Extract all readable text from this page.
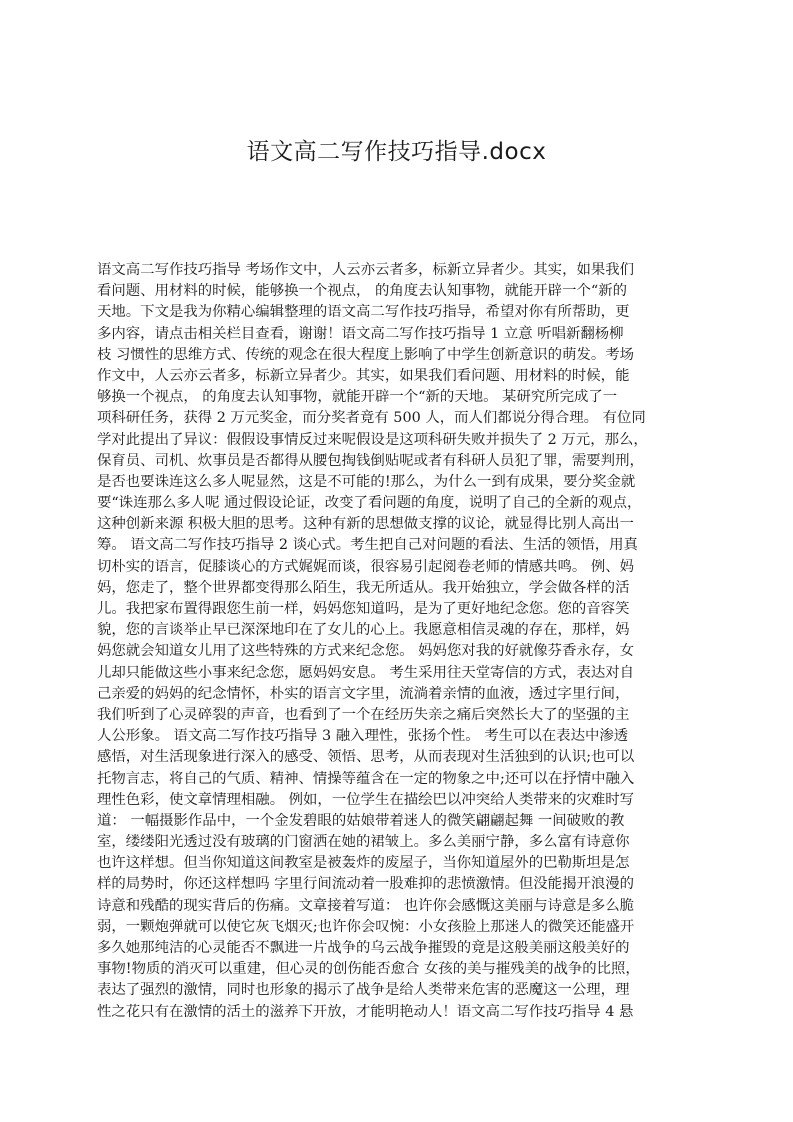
语文高二写作技巧指导.docx
语文高二写作技巧指导 考场作文中，人云亦云者多，标新立异者少。其实，如果我们
看问题、用材料的时候，能够换一个视点， 的角度去认知事物，就能开辟一个“新的
天地。下文是我为你精心编辑整理的语文高二写作技巧指导，希望对你有所帮助，更
多内容，请点击相关栏目查看，谢谢！语文高二写作技巧指导 1 立意 听唱新翻杨柳
枝 习惯性的思维方式、传统的观念在很大程度上影响了中学生创新意识的萌发。考场
作文中，人云亦云者多，标新立异者少。其实，如果我们看问题、用材料的时候，能
够换一个视点， 的角度去认知事物，就能开辟一个“新的天地。 某研究所完成了一
项科研任务，获得 2 万元奖金，而分奖者竟有 500 人，而人们都说分得合理。 有位同
学对此提出了异议：假假设事情反过来呢假设是这项科研失败并损失了 2 万元，那么，
保育员、司机、炊事员是否都得从腰包掏钱倒贴呢或者有科研人员犯了罪，需要判刑，
是否也要诛连这么多人呢显然，这是不可能的!那么，为什么一到有成果，要分奖金就
要“诛连那么多人呢 通过假设论证，改变了看问题的角度，说明了自己的全新的观点，
这种创新来源 积极大胆的思考。这种有新的思想做支撑的议论，就显得比别人高出一
筹。 语文高二写作技巧指导 2 谈心式。考生把自己对问题的看法、生活的领悟，用真
切朴实的语言，促膝谈心的方式娓娓而谈，很容易引起阅卷老师的情感共鸣。 例、妈
妈，您走了，整个世界都变得那么陌生，我无所适从。我开始独立，学会做各样的活
儿。我把家布置得跟您生前一样，妈妈您知道吗，是为了更好地纪念您。您的音容笑
貌，您的言谈举止早已深深地印在了女儿的心上。我愿意相信灵魂的存在，那样，妈
妈您就会知道女儿用了这些特殊的方式来纪念您。 妈妈您对我的好就像芬香永存，女
儿却只能做这些小事来纪念您，愿妈妈安息。 考生采用往天堂寄信的方式，表达对自
己亲爱的妈妈的纪念情怀，朴实的语言文字里，流淌着亲情的血液，透过字里行间，
我们听到了心灵碎裂的声音，也看到了一个在经历失亲之痛后突然长大了的坚强的主
人公形象。 语文高二写作技巧指导 3 融入理性，张扬个性。 考生可以在表达中渗透
感悟，对生活现象进行深入的感受、领悟、思考，从而表现对生活独到的认识;也可以
托物言志，将自己的气质、精神、情操等蕴含在一定的物象之中;还可以在抒情中融入
理性色彩，使文章情理相融。 例如，一位学生在描绘巴以冲突给人类带来的灾难时写
道： 一幅摄影作品中，一个金发碧眼的姑娘带着迷人的微笑翩翩起舞 一间破败的教
室，缕缕阳光透过没有玻璃的门窗洒在她的裙皱上。多么美丽宁静，多么富有诗意你
也许这样想。但当你知道这间教室是被轰炸的废屋子，当你知道屋外的巴勒斯坦是怎
样的局势时，你还这样想吗 字里行间流动着一股难抑的悲愤激情。但没能揭开浪漫的
诗意和残酷的现实背后的伤痛。文章接着写道： 也许你会感慨这美丽与诗意是多么脆
弱，一颗炮弹就可以使它灰飞烟灭;也许你会叹惋：小女孩脸上那迷人的微笑还能盛开
多久她那纯洁的心灵能否不飘进一片战争的乌云战争摧毁的竟是这般美丽这般美好的
事物!物质的消灭可以重建，但心灵的创伤能否愈合 女孩的美与摧残美的战争的比照，
表达了强烈的激情，同时也形象的揭示了战争是给人类带来危害的恶魔这一公理，理
性之花只有在激情的活土的滋养下开放，才能明艳动人！语文高二写作技巧指导 4 悬
